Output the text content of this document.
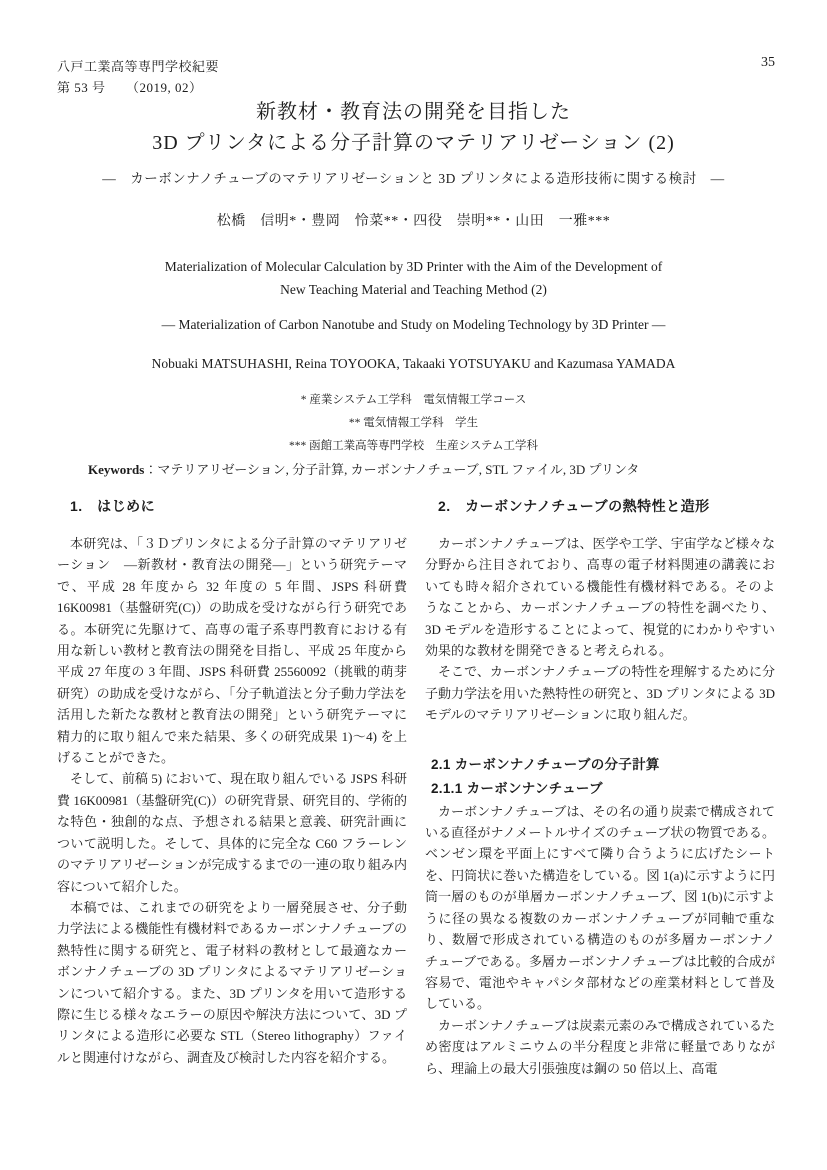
八戸工業高等専門学校紀要
第 53 号　　（2019, 02）
35
新教材・教育法の開発を目指した
3D プリンタによる分子計算のマテリアリゼーション (2)
―　カーボンナノチューブのマテリアリゼーションと 3D プリンタによる造形技術に関する検討　―
松橋　信明*・豊岡　怜菜**・四役　崇明**・山田　一雅***
Materialization of Molecular Calculation by 3D Printer with the Aim of the Development of
New Teaching Material and Teaching Method (2)
― Materialization of Carbon Nanotube and Study on Modeling Technology by 3D Printer ―
Nobuaki MATSUHASHI, Reina TOYOOKA, Takaaki YOTSUYAKU and Kazumasa YAMADA
* 産業システム工学科　電気情報工学コース
** 電気情報工学科　学生
*** 函館工業高等専門学校　生産システム工学科
Keywords：マテリアリゼーション, 分子計算, カーボンナノチューブ, STL ファイル, 3D プリンタ
1.　はじめに

本研究は、「３Ｄプリンタによる分子計算のマテリアリゼーション　―新教材・教育法の開発―」という研究テーマで、平成 28 年度から 32 年度の 5 年間、JSPS 科研費 16K00981（基盤研究(C)）の助成を受けながら行う研究である。本研究に先駆けて、高専の電子系専門教育における有用な新しい教材と教育法の開発を目指し、平成 25 年度から平成 27 年度の 3 年間、JSPS 科研費 25560092（挑戦的萌芽研究）の助成を受けながら、「分子軌道法と分子動力学法を活用した新たな教材と教育法の開発」という研究テーマに精力的に取り組んで来た結果、多くの研究成果 1)～4) を上げることができた。

そして、前稿 5) において、現在取り組んでいる JSPS 科研費 16K00981（基盤研究(C)）の研究背景、研究目的、学術的な特色・独創的な点、予想される結果と意義、研究計画について説明した。そして、具体的に完全な C60 フラーレンのマテリアリゼーションが完成するまでの一連の取り組み内容について紹介した。

本稿では、これまでの研究をより一層発展させ、分子動力学法による機能性有機材料であるカーボンナノチューブの熱特性に関する研究と、電子材料の教材として最適なカーボンナノチューブの 3D プリンタによるマテリアリゼーションについて紹介する。また、3D プリンタを用いて造形する際に生じる様々なエラーの原因や解決方法について、3D プリンタによる造形に必要な STL（Stereo lithography）ファイルと関連付けながら、調査及び検討した内容を紹介する。

2.　カーボンナノチューブの熱特性と造形

カーボンナノチューブは、医学や工学、宇宙学など様々な分野から注目されており、高専の電子材料関連の講義においても時々紹介されている機能性有機材料である。そのようなことから、カーボンナノチューブの特性を調べたり、3D モデルを造形することによって、視覚的にわかりやすい効果的な教材を開発できると考えられる。

そこで、カーボンナノチューブの特性を理解するために分子動力学法を用いた熱特性の研究と、3D プリンタによる 3D モデルのマテリアリゼーションに取り組んだ。

2.1 カーボンナノチューブの分子計算
2.1.1 カーボンナンチューブ

カーボンナノチューブは、その名の通り炭素で構成されている直径がナノメートルサイズのチューブ状の物質である。ベンゼン環を平面上にすべて隣り合うように広げたシートを、円筒状に巻いた構造をしている。図 1(a)に示すように円筒一層のものが単層カーボンナノチューブ、図 1(b)に示すように径の異なる複数のカーボンナノチューブが同軸で重なり、数層で形成されている構造のものが多層カーボンナノチューブである。多層カーボンナノチューブは比較的合成が容易で、電池やキャパシタ部材などの産業材料として普及している。

カーボンナノチューブは炭素元素のみで構成されているため密度はアルミニウムの半分程度と非常に軽量でありながら、理論上の最大引張強度は鋼の 50 倍以上、高電
